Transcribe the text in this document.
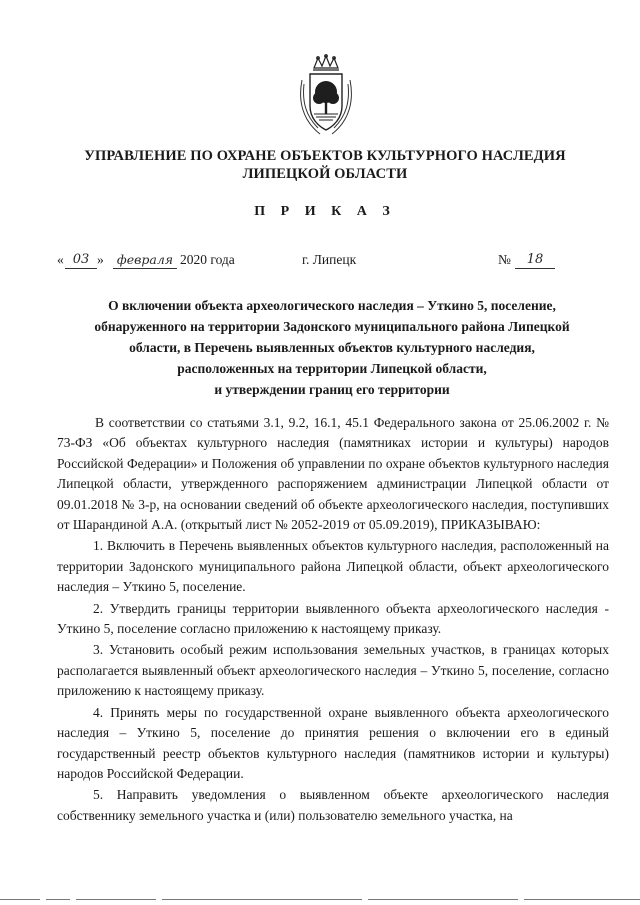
УПРАВЛЕНИЕ ПО ОХРАНЕ ОБЪЕКТОВ КУЛЬТУРНОГО НАСЛЕДИЯ
ЛИПЕЦКОЙ ОБЛАСТИ
П Р И К А З
« 03 »	февраля 2020 года	г. Липецк	№	18
О включении объекта археологического наследия – Уткино 5, поселение,
обнаруженного на территории Задонского муниципального района Липецкой
области, в Перечень выявленных объектов культурного наследия,
расположенных на территории Липецкой области,
и утверждении границ его территории

В соответствии со статьями 3.1, 9.2, 16.1, 45.1 Федерального закона от 25.06.2002 г. № 73-ФЗ «Об объектах культурного наследия (памятниках истории и культуры) народов Российской Федерации» и Положения об управлении по охране объектов культурного наследия Липецкой области, утвержденного распоряжением администрации Липецкой области от 09.01.2018 № 3-р, на основании сведений об объекте археологического наследия, поступивших от Шарандиной А.А. (открытый лист № 2052-2019 от 05.09.2019), ПРИКАЗЫВАЮ:

1. Включить в Перечень выявленных объектов культурного наследия, расположенный на территории Задонского муниципального района Липецкой области, объект археологического наследия – Уткино 5, поселение.

2. Утвердить границы территории выявленного объекта археологического наследия - Уткино 5, поселение согласно приложению к настоящему приказу.

3. Установить особый режим использования земельных участков, в границах которых располагается выявленный объект археологического наследия – Уткино 5, поселение, согласно приложению к настоящему приказу.

4. Принять меры по государственной охране выявленного объекта археологического наследия – Уткино 5, поселение до принятия решения о включении его в единый государственный реестр объектов культурного наследия (памятников истории и культуры) народов Российской Федерации.

5. Направить уведомления о выявленном объекте археологического наследия собственнику земельного участка и (или) пользователю земельного участка, на
